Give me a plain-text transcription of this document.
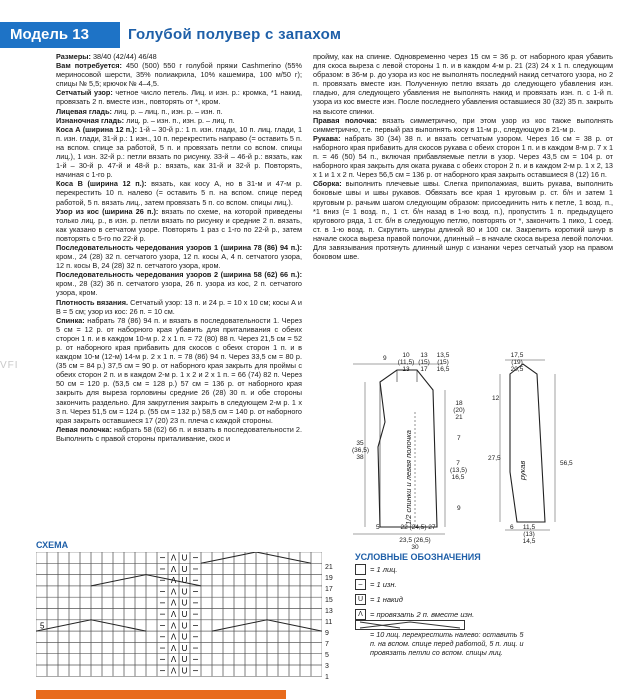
Модель 13	Голубой полувер с запахом
VFI

Размеры: 38/40 (42/44) 46/48

Вам потребуется: 450 (500) 550 г голубой пряжи Cashmerino (55% мериносовой шерсти, 35% полиакрила, 10% кашемира, 100 м/50 г); спицы № 5,5; крючок № 4–4,5.

Сетчатый узор: четное число петель. Лиц. и изн. р.: кромка, *1 накид, провязать 2 п. вместе изн., повторять от *, кром.

Лицевая гладь: лиц. р. – лиц. п., изн. р. – изн. п.

Изнаночная гладь: лиц. р. – изн. п., изн. р. – лиц. п.

Коса А (ширина 12 п.): 1-й – 30-й р.: 1 п. изн. глади, 10 п. лиц. глади, 1 п. изн. глади, 31-й р.: 1 изн., 10 п. перекрестить направо (= оставить 5 п. на вспом. спице за работой, 5 п. и провязать петли со вспом. спицы лиц.), 1 изн. 32-й р.: петли вязать по рисунку. 33-й – 46-й р.: вязать, как 1-й – 30-й р. 47-й и 48-й р.: вязать, как 31-й и 32-й р. Повторять, начиная с 1-го р.

Коса В (ширина 12 п.): вязать, как косу А, но в 31-м и 47-м р. перекрестить 10 п. налево (= оставить 5 п. на вспом. спице перед работой, 5 п. вязать лиц., затем провязать 5 п. со вспом. спицы лиц.).

Узор из кос (ширина 26 п.): вязать по схеме, на которой приведены только лиц. р., в изн. р. петли вязать по рисунку и средние 2 п. вязать, как указано в сетчатом узоре. Повторять 1 раз с 1-го по 22-й р., затем повторять с 5-го по 22-й р.

Последовательность чередования узоров 1 (ширина 78 (86) 94 п.): кром., 24 (28) 32 п. сетчатого узора, 12 п. косы А, 4 п. сетчатого узора, 12 п. косы В, 24 (28) 32 п. сетчатого узора, кром.

Последовательность чередования узоров 2 (ширина 58 (62) 66 п.): кром., 28 (32) 36 п. сетчатого узора, 26 п. узора из кос, 2 п. сетчатого узора, кром.

Плотность вязания. Сетчатый узор: 13 п. и 24 р. = 10 х 10 см; косы А и В = 5 см; узор из кос: 26 п. = 10 см.

Спинка: набрать 78 (86) 94 п. и вязать в последовательности 1. Через 5 см = 12 р. от наборного края убавить для приталивания с обеих сторон 1 п. и в каждом 10-м р. 2 х 1 п. = 72 (80) 88 п. Через 21,5 см = 52 р. от наборного края прибавить для скосов с обеих сторон 1 п. и в каждом 10-м (12-м) 14-м р. 2 х 1 п. = 78 (86) 94 п. Через 33,5 см = 80 р. (35 см = 84 р.) 37,5 см = 90 р. от наборного края закрыть для проймы с обеих сторон 2 п. и в каждом 2-м р. 1 х 2 и 2 х 1 п. = 66 (74) 82 п. Через 50 см = 120 р. (53,5 см = 128 р.) 57 см = 136 р. от наборного края закрыть для выреза горловины средние 26 (28) 30 п. и обе стороны закончить раздельно. Для закругления закрыть в следующем 2-м р. 1 х 3 п. Через 51,5 см = 124 р. (55 см = 132 р.) 58,5 см = 140 р. от наборного края закрыть оставшиеся 17 (20) 23 п. плеча с каждой стороны.

Левая полочка: набрать 58 (62) 66 п. и вязать в последовательности 2. Выполнить с правой стороны приталивание, скос и

пройму, как на спинке. Одновременно через 15 см = 36 р. от наборного края убавить для скоса выреза с левой стороны 1 п. и в каждом 4-м р. 21 (23) 24 х 1 п. следующим образом: в 36-м р. до узора из кос не выполнять последний накид сетчатого узора, но 2 п. провязать вместе изн. Полученную петлю вязать до следующего убавления изн. гладью, для следующего убавления не выполнять накид и провязать изн. п. с 1-й п. узора из кос вместе изн. После последнего убавления оставшиеся 30 (32) 35 п. закрыть на высоте спинки.

Правая полочка: вязать симметрично, при этом узор из кос также выполнять симметрично, т.е. первый раз выполнять косу в 11-м р., следующую в 21-м р.

Рукава: набрать 30 (34) 38 п. и вязать сетчатым узором. Через 16 см = 38 р. от наборного края прибавить для скосов рукава с обеих сторон 1 п. и в каждом 8-м р. 7 х 1 п. = 46 (50) 54 п., включая прибавляемые петли в узор. Через 43,5 см = 104 р. от наборного края закрыть для оката рукава с обеих сторон 2 п. и в каждом 2-м р. 1 х 2, 13 х 1 и 1 х 2 п. Через 56,5 см = 136 р. от наборного края закрыть оставшиеся 8 (12) 16 п.

Сборка: выполнить плечевые швы. Слегка приполажиая, вшить рукава, выполнить боковые швы и швы рукавов. Обвязать все края 1 круговым р. ст. б/н и затем 1 круговым р. рачьим шагом следующим образом: присоединить нить к петле, 1 возд. п., *1 вниз (= 1 возд. п., 1 ст. б/н назад в 1-ю возд. п.), пропустить 1 п. предыдущего кругового ряда, 1 ст. б/н в следующую петлю, повторять от *, закончить 1 пико, 1 соед. ст. в 1-ю возд. п. Скрутить шнуры длиной 80 и 100 см. Закрепить короткий шнур в начале скоса выреза правой полочки, длинный – в начале скоса выреза левой полочки. Для завязывания протянуть длинный шнур с изнанки через сетчатый узор на правом боковом шве.

9	10 (11,5) 13
13 (15) 17
13,5 (15) 16,5
35 (36,5) 38
18 (20) 21
7
7 (13,5) 16,5
9
1/2 спинки и левая полочка
5	22 (24,5) 27
23,5 (26,5) 30
17,5 (19) 20,5
12
27,5
56,5
рукав
6	11,5 (13) 14,5
СХЕМА
Λ U
Λ U
Λ U
Λ U
Λ U
Λ U
Λ U
Λ U
Λ U
Λ U
Λ U
5
21
19
17
15
13
11
9
7
5
3
1
УСЛОВНЫЕ ОБОЗНАЧЕНИЯ
= 1 лиц.
– = 1 изн.
U = 1 накид
Λ = провязать 2 п. вместе изн.
= 10 лиц. перекрестить налево: оставить 5 п. на вспом. спице перед работой, 5 п. лиц. и провязать петли со вспом. спицы лиц.
